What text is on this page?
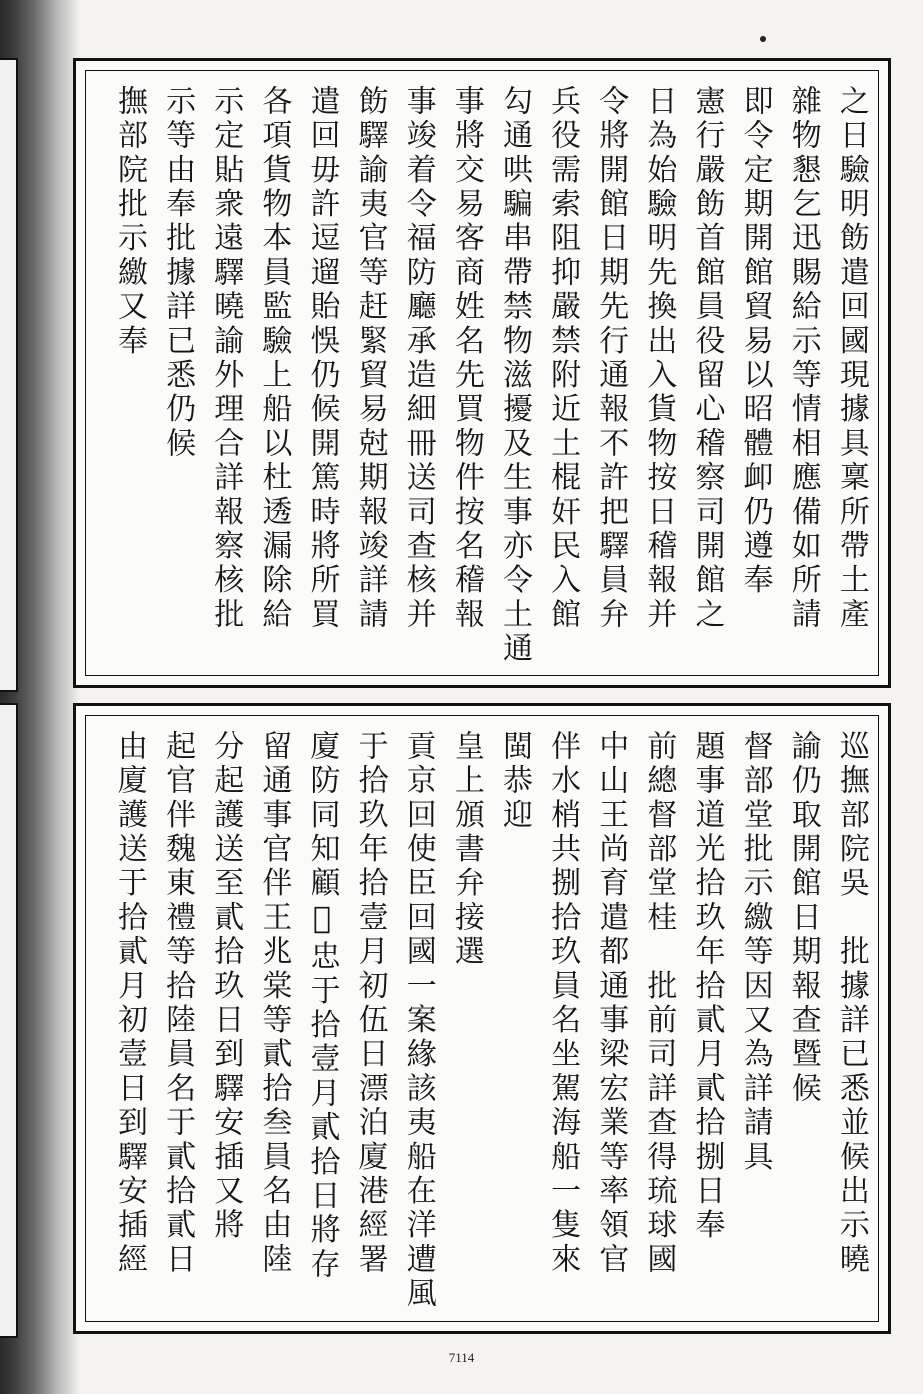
之日驗明飭遣回國現據具稟所帶土產
雜物懇乞迅賜給示等情相應備如所請
即令定期開館貿易以昭體卹仍遵奉
憲行嚴飭首館員役留心稽察司開館之
日為始驗明先換出入貨物按日稽報并
令將開館日期先行通報不許把驛員弁
兵役需索阻抑嚴禁附近土棍奸民入館
勾通哄騙串帶禁物滋擾及生事亦令土通
事將交易客商姓名先買物件按名稽報
事竣着令福防廳承造細冊送司查核并
飭驛諭夷官等赶緊貿易尅期報竣詳請
遣回毋許逗遛貽悞仍候開篤時將所買
各項貨物本員監驗上船以杜透漏除給
示定貼衆遠驛曉諭外理合詳報察核批
示等由奉批據詳已悉仍候
撫部院批示繳又奉
巡撫部院吳　批據詳已悉並候出示曉
諭仍取開館日期報查暨候
督部堂批示繳等因又為詳請具
題事道光拾玖年拾貳月貳拾捌日奉
前總督部堂桂　批前司詳查得琉球國
中山王尚育遣都通事梁宏業等率領官
伴水梢共捌拾玖員名坐駕海船一隻來
閩恭迎
皇上頒書弁接選
貢京回使臣回國一案緣該夷船在洋遭風
于拾玖年拾壹月初伍日漂泊廈港經署
廈防同知顧𡊮忠于拾壹月貳拾日將存
留通事官伴王兆棠等貳拾叁員名由陸
分起護送至貳拾玖日到驛安插又將
起官伴魏東禮等拾陸員名于貳拾貳日
由廈護送于拾貳月初壹日到驛安插經
7114
